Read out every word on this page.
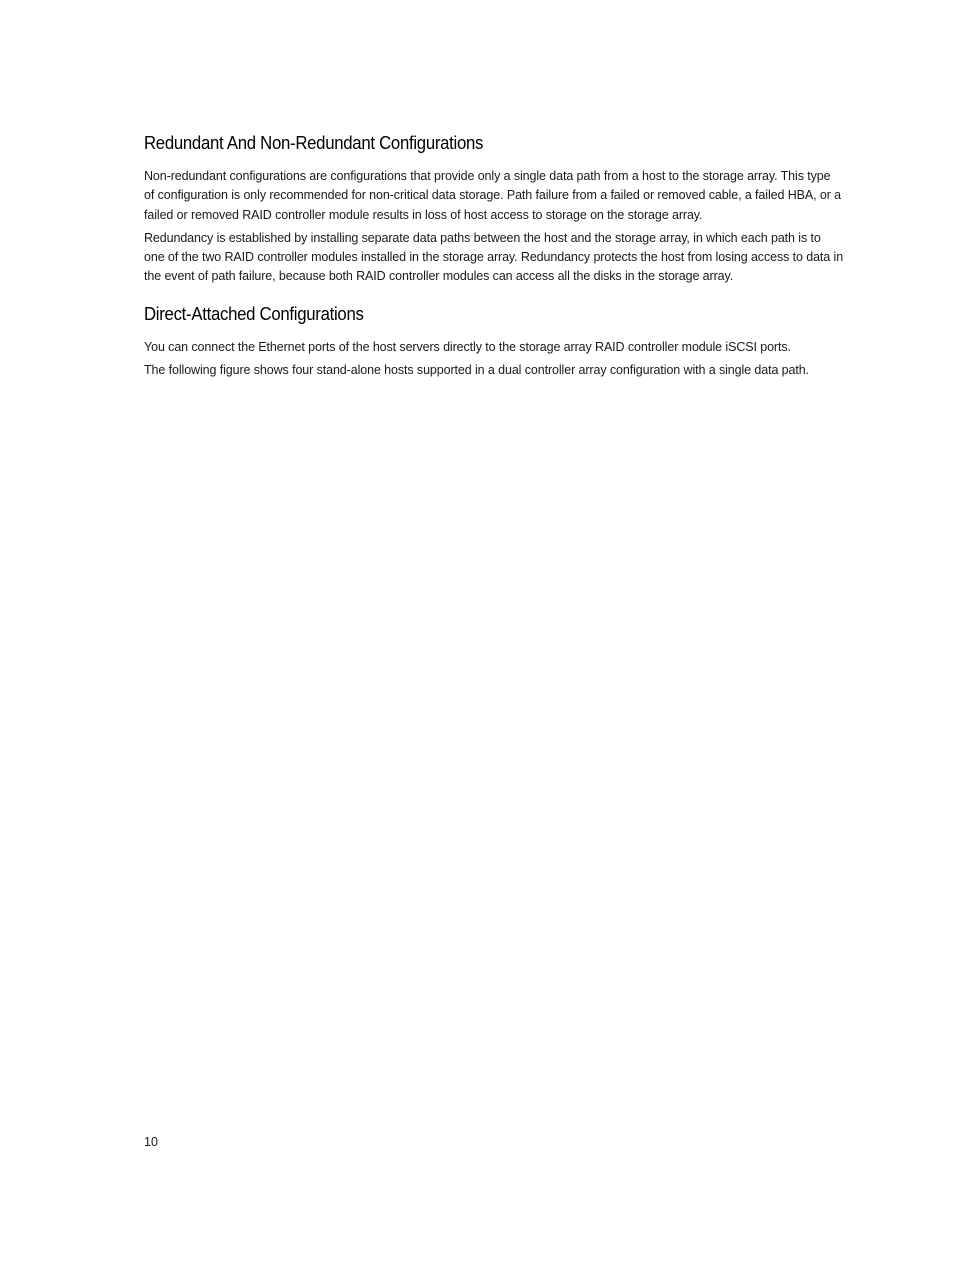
Redundant And Non-Redundant Configurations

Non-redundant configurations are configurations that provide only a single data path from a host to the storage array. This type of configuration is only recommended for non-critical data storage. Path failure from a failed or removed cable, a failed HBA, or a failed or removed RAID controller module results in loss of host access to storage on the storage array.

Redundancy is established by installing separate data paths between the host and the storage array, in which each path is to one of the two RAID controller modules installed in the storage array. Redundancy protects the host from losing access to data in the event of path failure, because both RAID controller modules can access all the disks in the storage array.

Direct-Attached Configurations

You can connect the Ethernet ports of the host servers directly to the storage array RAID controller module iSCSI ports.

The following figure shows four stand-alone hosts supported in a dual controller array configuration with a single data path.

10
